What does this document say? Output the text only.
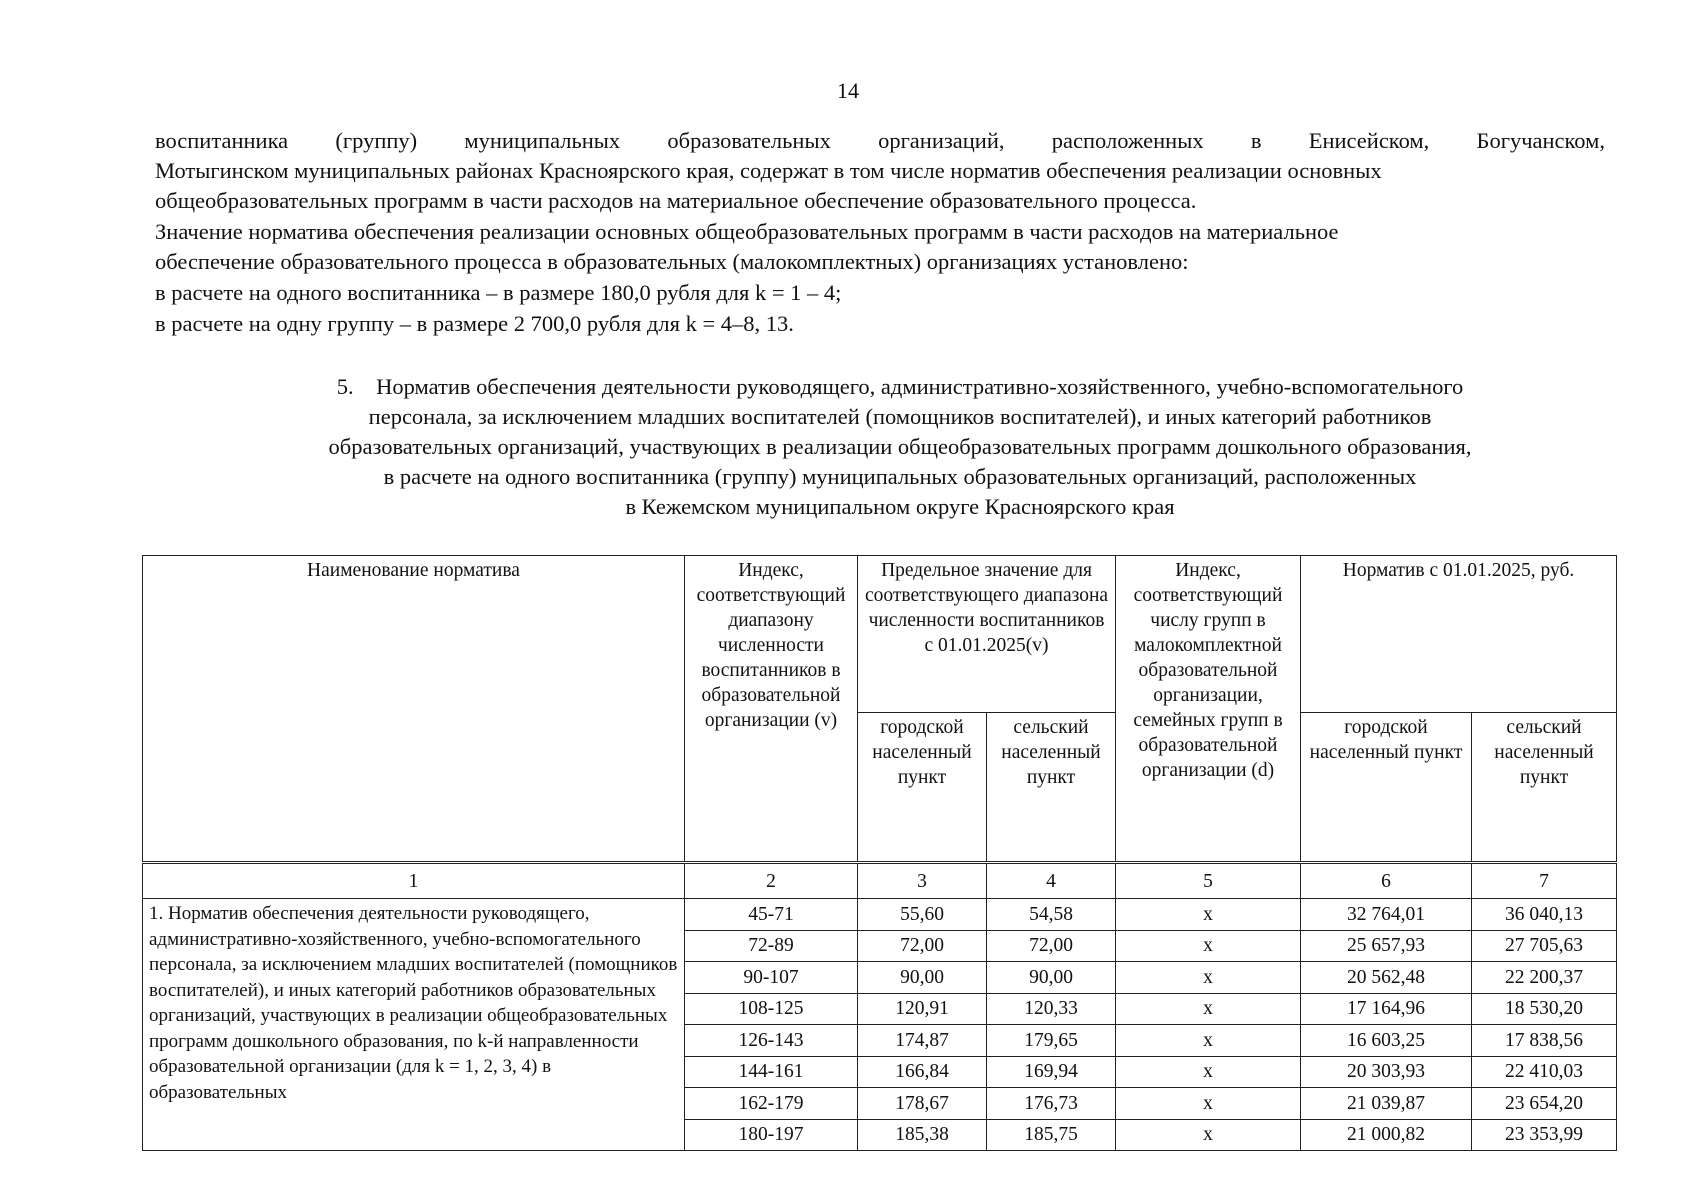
14
воспитанника (группу) муниципальных образовательных организаций, расположенных в Енисейском, Богучанском,
Мотыгинском муниципальных районах Красноярского края, содержат в том числе норматив обеспечения реализации основных
общеобразовательных программ в части расходов на материальное обеспечение образовательного процесса.
Значение норматива обеспечения реализации основных общеобразовательных программ в части расходов на материальное
обеспечение образовательного процесса в образовательных (малокомплектных) организациях установлено:
в расчете на одного воспитанника – в размере 180,0 рубля для k = 1 – 4;
в расчете на одну группу – в размере 2 700,0 рубля для k = 4–8, 13.
5. Норматив обеспечения деятельности руководящего, административно-хозяйственного, учебно-вспомогательного
персонала, за исключением младших воспитателей (помощников воспитателей), и иных категорий работников
образовательных организаций, участвующих в реализации общеобразовательных программ дошкольного образования,
в расчете на одного воспитанника (группу) муниципальных образовательных организаций, расположенных
в Кежемском муниципальном округе Красноярского края
Наименование норматива	Индекс, соответствующий диапазону численности воспитанников в образовательной организации (v)	Предельное значение для соответствующего диапазона численности воспитанников с 01.01.2025(v)		Индекс, соответствующий числу групп в малокомплектной образовательной организации, семейных групп в образовательной организации (d)	Норматив с 01.01.2025, руб.	
		городской населенный пункт	сельский населенный пункт		городской населенный пункт	сельский населенный пункт
1	2	3	4	5	6	7
1. Норматив обеспечения деятельности руководящего, административно-хозяйственного, учебно-вспомогательного персонала, за исключением младших воспитателей (помощников воспитателей), и иных категорий работников образовательных организаций, участвующих в реализации общеобразовательных программ дошкольного образования, по k-й направленности образовательной организации (для k = 1, 2, 3, 4) в образовательных	45-71	55,60	54,58	x	32 764,01	36 040,13
	72-89	72,00	72,00	x	25 657,93	27 705,63
	90-107	90,00	90,00	x	20 562,48	22 200,37
	108-125	120,91	120,33	x	17 164,96	18 530,20
	126-143	174,87	179,65	x	16 603,25	17 838,56
	144-161	166,84	169,94	x	20 303,93	22 410,03
	162-179	178,67	176,73	x	21 039,87	23 654,20
	180-197	185,38	185,75	x	21 000,82	23 353,99
